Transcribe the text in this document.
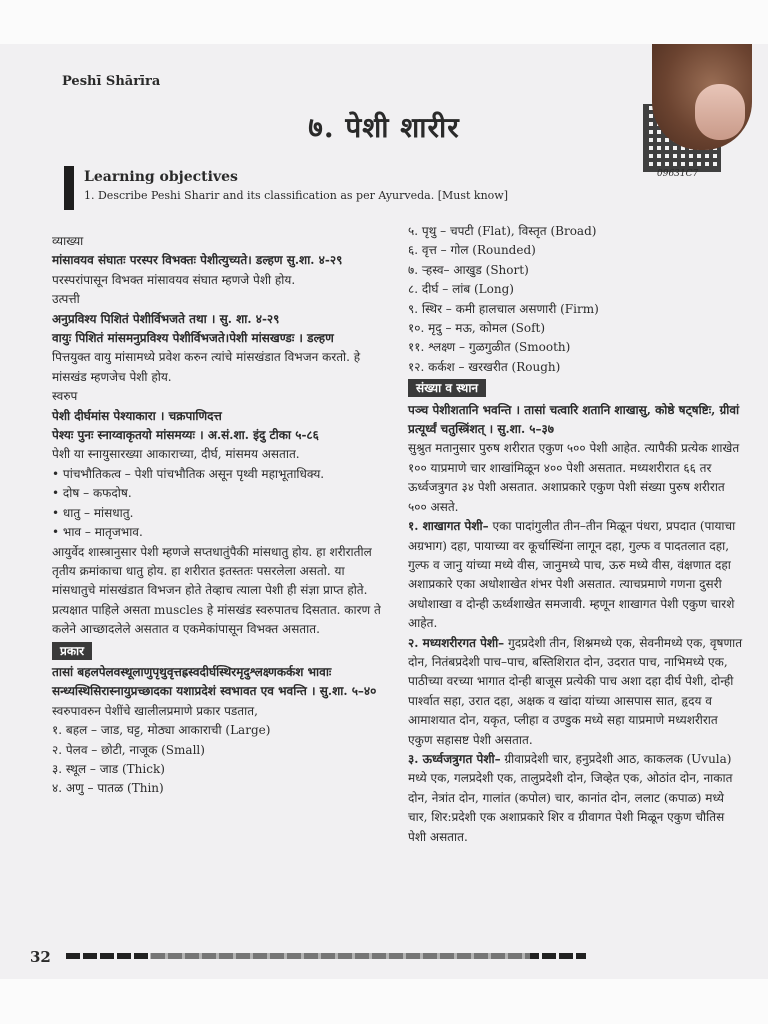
Peshī Shārīra
७. पेशी शारीर
09631C7
Learning objectives
1. Describe Peshi Sharir and its classification as per Ayurveda. [Must know]

व्याख्या

मांसावयव संघातः परस्पर विभक्तः पेशीत्युच्यते। डल्हण सु.शा. ४-२९

परस्परांपासून विभक्त मांसावयव संघात म्हणजे पेशी होय.

उत्पत्ती

अनुप्रविश्य पिशितं पेशीर्विभजते तथा । सु. शा. ४-२९

वायुः पिशितं मांसमनुप्रविश्य पेशीर्विभजते।पेशी मांसखण्डः । डल्हण

पित्तयुक्त वायु मांसामध्ये प्रवेश करुन त्यांचे मांसखंडात विभजन करतो. हे मांसखंड म्हणजेच पेशी होय.

स्वरुप

पेशी दीर्घमांस पेश्याकारा । चक्रपाणिदत्त

पेश्यः पुनः स्नाय्वाकृतयो मांसमय्यः । अ.सं.शा. इंदु टीका ५-८६

पेशी या स्नायुसारख्या आकाराच्या, दीर्घ, मांसमय असतात.

• पांचभौतिकत्व – पेशी पांचभौतिक असून पृथ्वी महाभूताधिक्य.

• दोष – कफदोष.

• धातु – मांसधातु.

• भाव – मातृजभाव.

आयुर्वेद शास्त्रानुसार पेशी म्हणजे सप्तधातुंपैकी मांसधातु होय. हा शरीरातील तृतीय क्रमांकाचा धातु होय. हा शरीरात इतस्ततः पसरलेला असतो. या मांसधातुचे मांसखंडात विभजन होते तेव्हाच त्याला पेशी ही संज्ञा प्राप्त होते. प्रत्यक्षात पाहिले असता muscles हे मांसखंड स्वरुपातच दिसतात. कारण ते कलेने आच्छादलेले असतात व एकमेकांपासून विभक्त असतात.

प्रकार

तासां बहलपेलवस्थूलाणुपृथुवृत्तह्रस्वदीर्घस्थिरमृदुश्लक्ष्णकर्कश भावाः सन्ध्यस्थिसिरास्नायुप्रच्छादका यशाप्रदेशं स्वभावत एव भवन्ति । सु.शा. ५–४०

स्वरुपावरुन पेशींचे खालीलप्रमाणे प्रकार पडतात,

१. बहल – जाड, घट्ट, मोठ्या आकाराची (Large)

२. पेलव – छोटी, नाजूक (Small)

३. स्थूल – जाड (Thick)

४. अणु – पातळ (Thin)

५. पृथु – चपटी (Flat), विस्तृत (Broad)

६. वृत्त – गोल (Rounded)

७. ऱ्हस्व– आखुड (Short)

८. दीर्घ – लांब (Long)

९. स्थिर – कमी हालचाल असणारी (Firm)

१०. मृदु – मऊ, कोमल (Soft)

११. श्लक्ष्ण – गुळगुळीत (Smooth)

१२. कर्कश – खरखरीत (Rough)

संख्या व स्थान

पञ्च पेशीशतानि भवन्ति । तासां चत्वारि शतानि शाखासु, कोष्ठे षट्षष्टिः, ग्रीवां प्रत्यूर्ध्वं चतुस्त्रिंशत् । सु.शा. ५–३७

सुश्रुत मतानुसार पुरुष शरीरात एकुण ५०० पेशी आहेत. त्यापैकी प्रत्येक शाखेत १०० याप्रमाणे चार शाखांमिळून ४०० पेशी असतात. मध्यशरीरात ६६ तर ऊर्ध्वजत्रुगत ३४ पेशी असतात. अशाप्रकारे एकुण पेशी संख्या पुरुष शरीरात ५०० असते.

१. शाखागत पेशी– एका पादांगुलीत तीन–तीन मिळून पंधरा, प्रपदात (पायाचा अग्रभाग) दहा, पायाच्या वर कूर्चास्थिंना लागून दहा, गुल्फ व पादतलात दहा, गुल्फ व जानु यांच्या मध्ये वीस, जानुमध्ये पाच, ऊरु मध्ये वीस, वंक्षणात दहा अशाप्रकारे एका अधोशाखेत शंभर पेशी असतात. त्याचप्रमाणे गणना दुसरी अधोशाखा व दोन्ही ऊर्ध्वशाखेत समजावी. म्हणून शाखागत पेशी एकुण चारशे आहेत.

२. मध्यशरीरगत पेशी– गुदप्रदेशी तीन, शिश्नमध्ये एक, सेवनीमध्ये एक, वृषणात दोन, नितंबप्रदेशी पाच–पाच, बस्तिशिरात दोन, उदरात पाच, नाभिमध्ये एक, पाठीच्या वरच्या भागात दोन्ही बाजूस प्रत्येकी पाच अशा दहा दीर्घ पेशी, दोन्ही पार्श्वात सहा, उरात दहा, अक्षक व खांदा यांच्या आसपास सात, हृदय व आमाशयात दोन, यकृत, प्लीहा व उण्डुक मध्ये सहा याप्रमाणे मध्यशरीरात एकुण सहासष्ट पेशी असतात.

३. ऊर्ध्वजत्रुगत पेशी– ग्रीवाप्रदेशी चार, हनुप्रदेशी आठ, काकलक (Uvula) मध्ये एक, गलप्रदेशी एक, तालुप्रदेशी दोन, जिव्हेत एक, ओठांत दोन, नाकात दोन, नेत्रांत दोन, गालांत (कपोल) चार, कानांत दोन, ललाट (कपाळ) मध्ये चार, शिर:प्रदेशी एक अशाप्रकारे शिर व ग्रीवागत पेशी मिळून एकुण चौतिस पेशी असतात.

32
